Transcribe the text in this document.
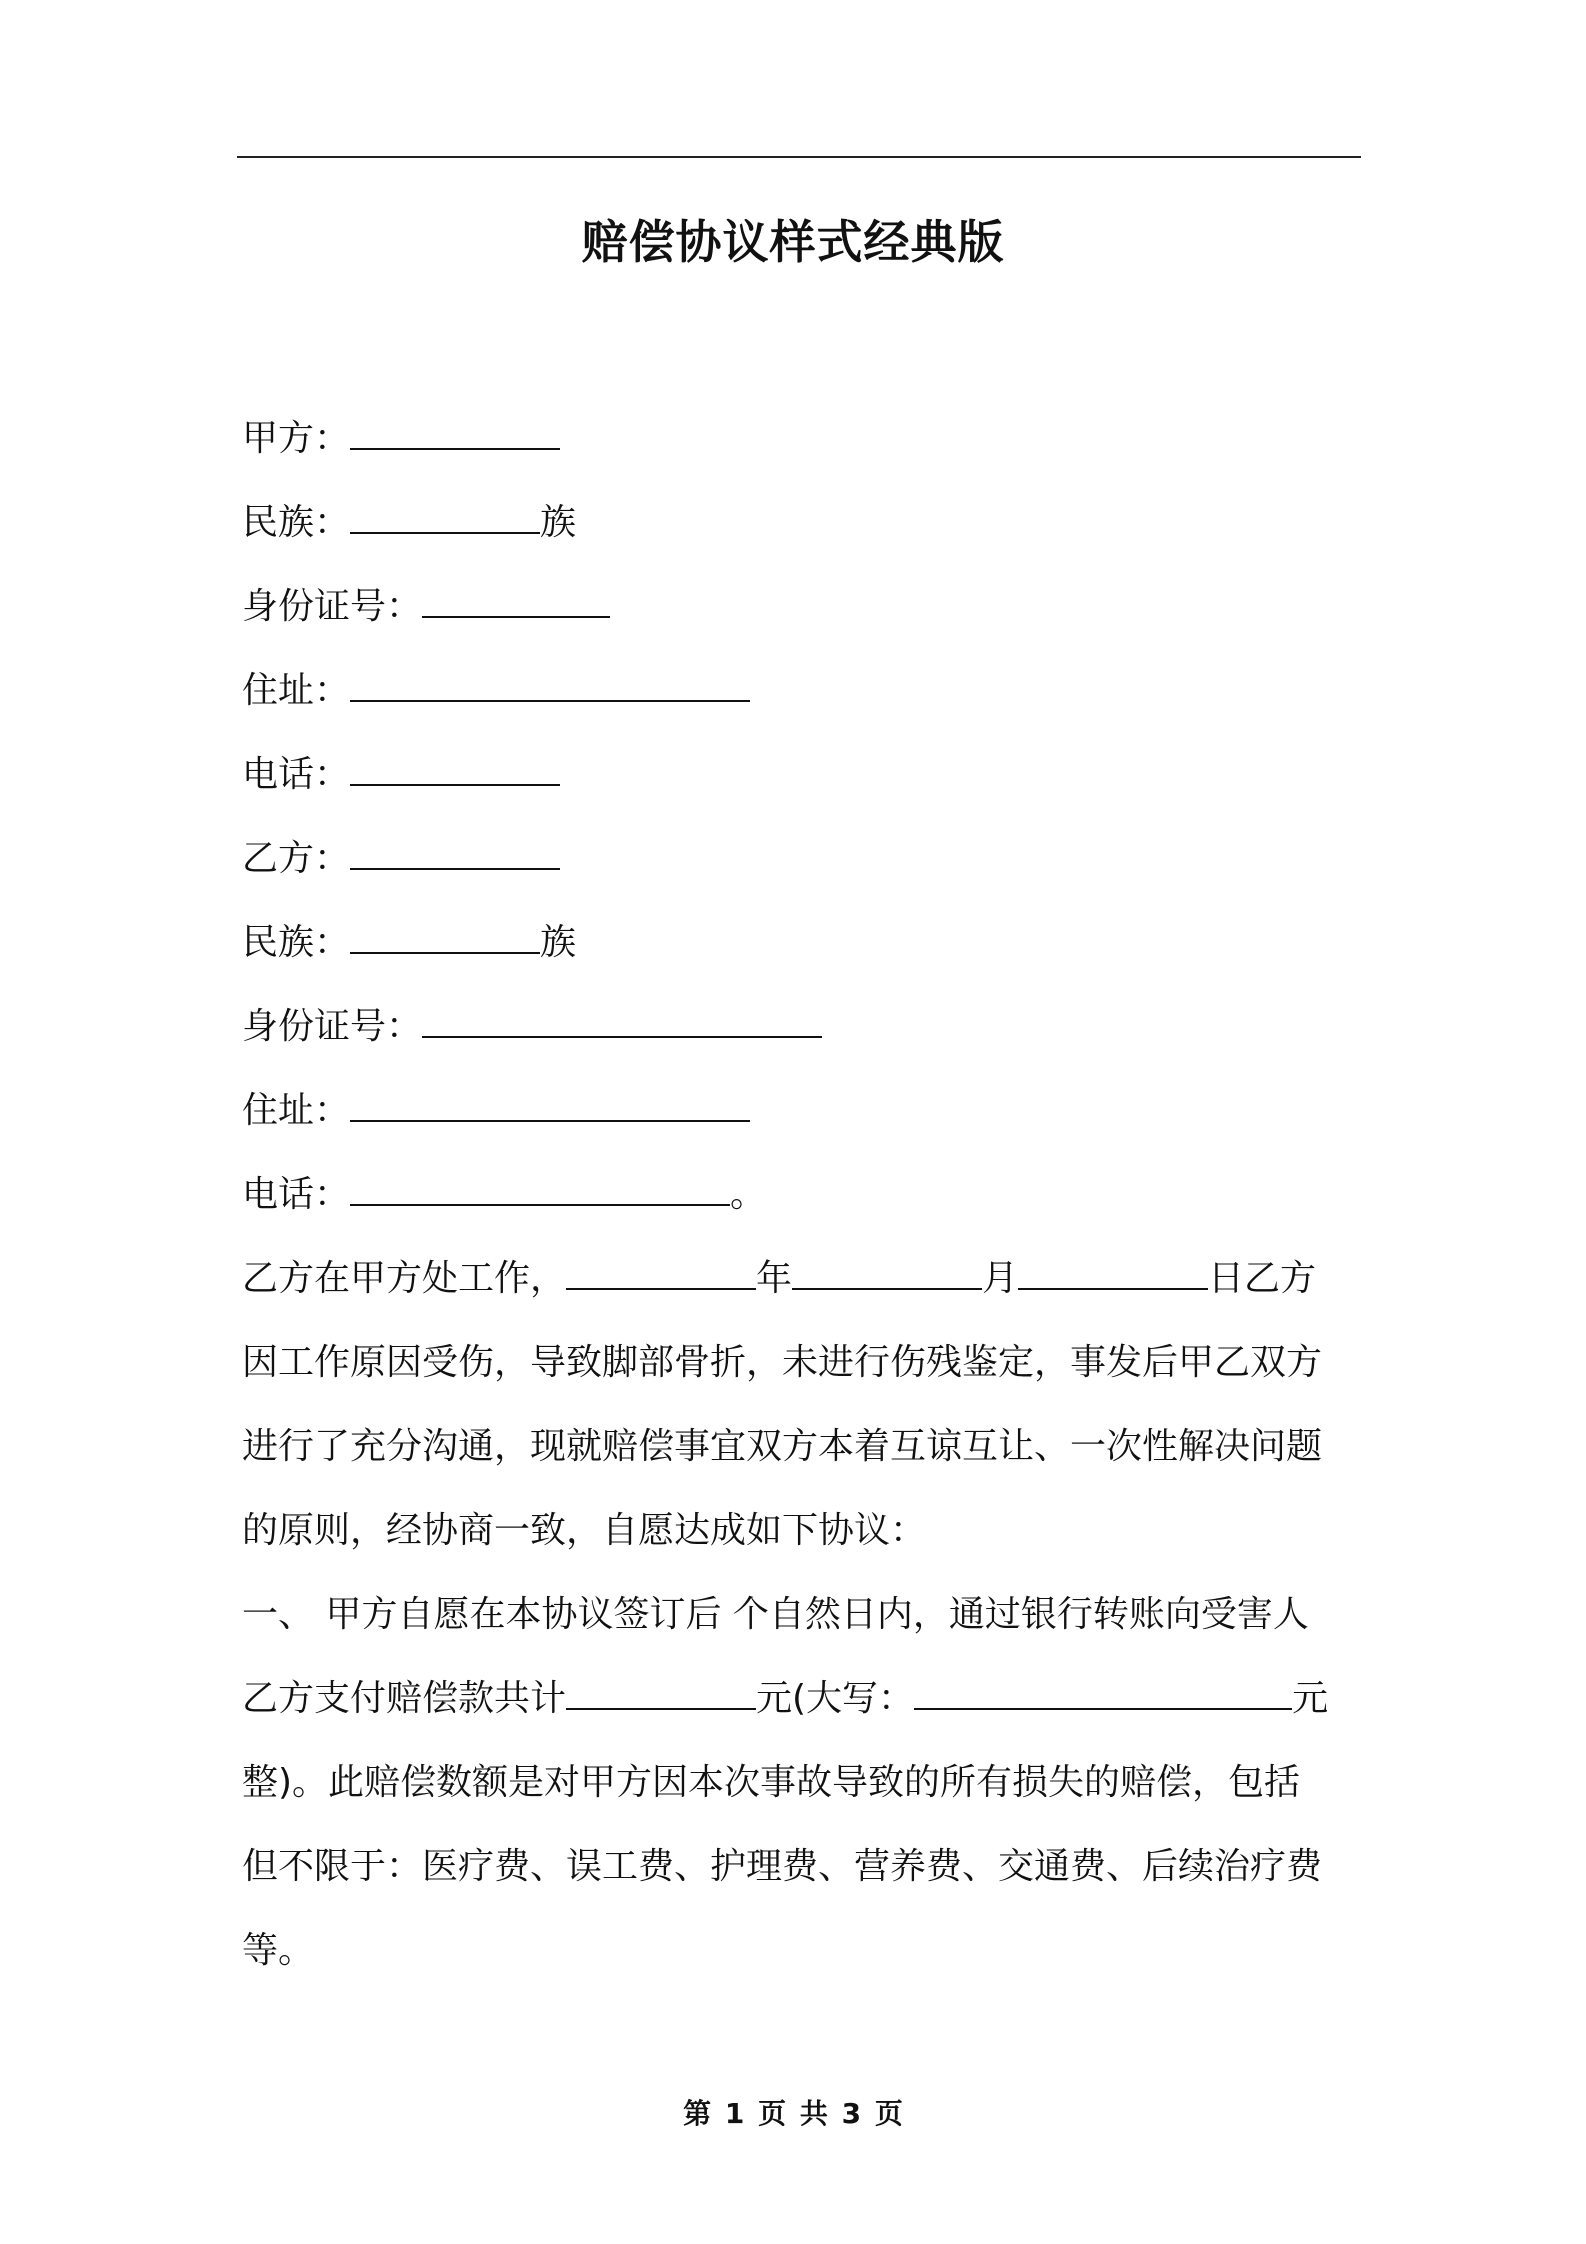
赔偿协议样式经典版
甲方：
民族：	族
身份证号：
住址：
电话：
乙方：
民族：	族
身份证号：
住址：
电话：	。
乙方在甲方处工作，	年	月	日乙方
因工作原因受伤，导致脚部骨折，未进行伤残鉴定，事发后甲乙双方
进行了充分沟通，现就赔偿事宜双方本着互谅互让、一次性解决问题
的原则，经协商一致，自愿达成如下协议：
一、 甲方自愿在本协议签订后 个自然日内，通过银行转账向受害人
乙方支付赔偿款共计	元(大写：	元
整)。此赔偿数额是对甲方因本次事故导致的所有损失的赔偿，包括
但不限于：医疗费、误工费、护理费、营养费、交通费、后续治疗费
等。
第 1 页 共 3 页
